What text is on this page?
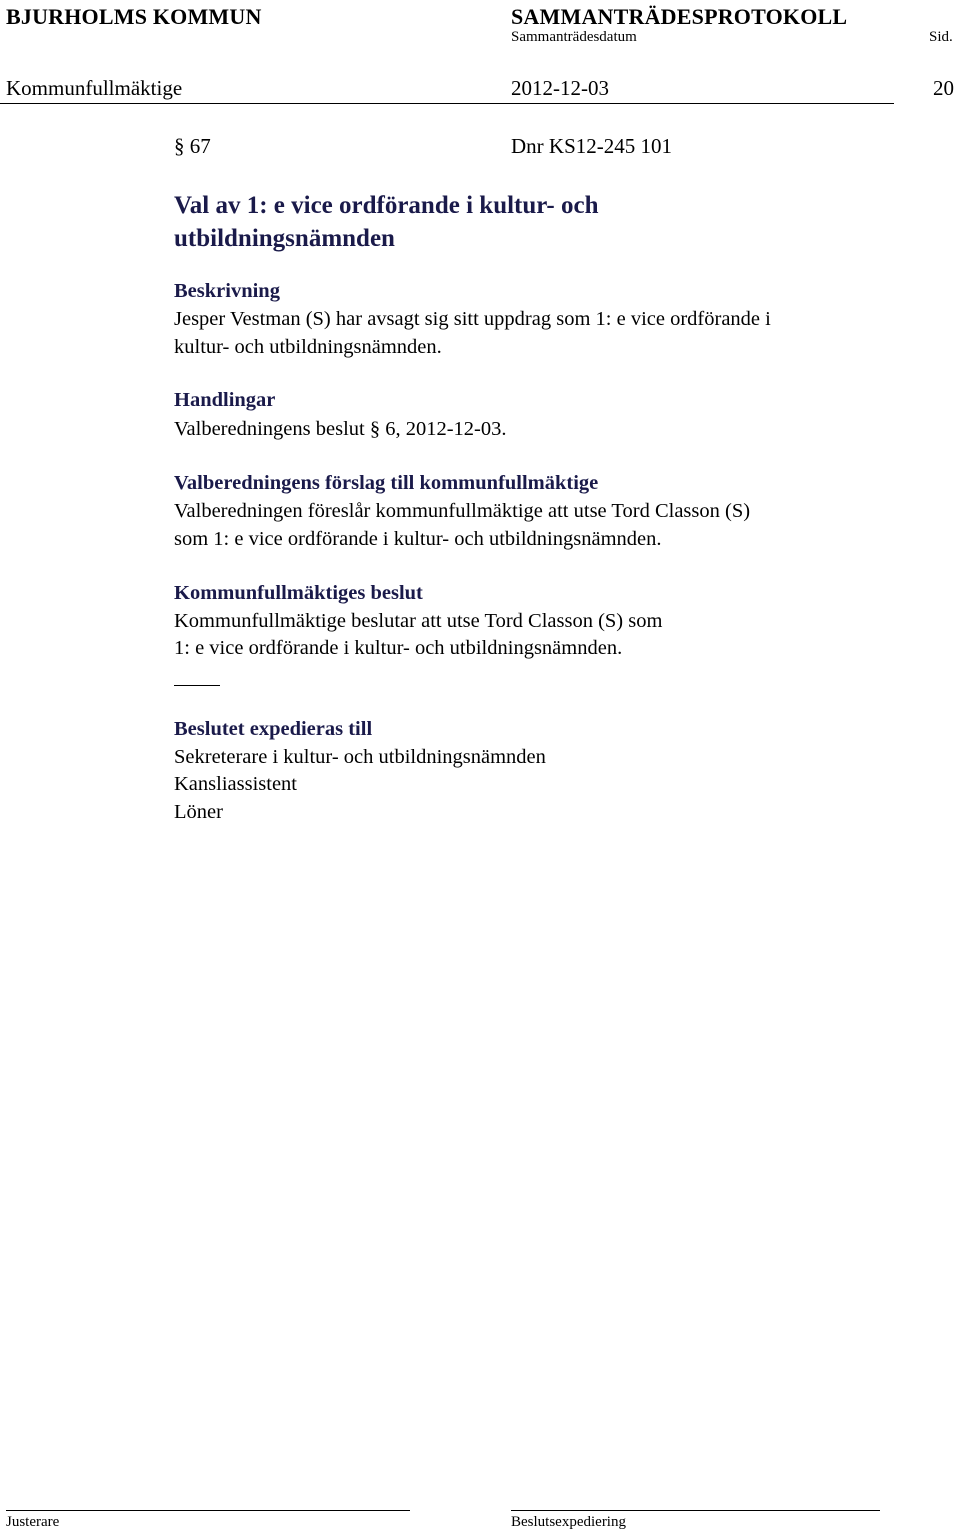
BJURHOLMS KOMMUN	SAMMANTRÄDESPROTOKOLL
Sammanträdesdatum	Sid.
Kommunfullmäktige	2012-12-03	20
§ 67	Dnr KS12-245 101
Val av 1: e vice ordförande i kultur- och
utbildningsnämnden
Beskrivning
Jesper Vestman (S) har avsagt sig sitt uppdrag som 1: e vice ordförande i
kultur- och utbildningsnämnden.
Handlingar
Valberedningens beslut § 6, 2012-12-03.
Valberedningens förslag till kommunfullmäktige
Valberedningen föreslår kommunfullmäktige att utse Tord Classon (S)
som 1: e vice ordförande i kultur- och utbildningsnämnden.
Kommunfullmäktiges beslut
Kommunfullmäktige beslutar att utse Tord Classon (S) som
1: e vice ordförande i kultur- och utbildningsnämnden.
Beslutet expedieras till
Sekreterare i kultur- och utbildningsnämnden
Kansliassistent
Löner
Justerare	Beslutsexpediering
